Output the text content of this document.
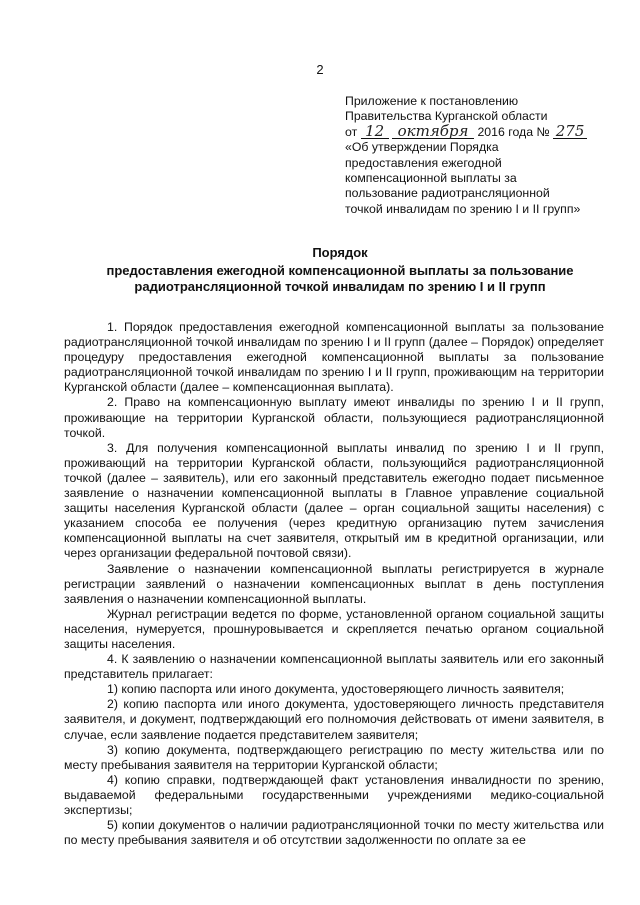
2
Приложение к постановлению
Правительства Курганской области
от 12 октября 2016 года № 275
«Об утверждении Порядка
предоставления ежегодной
компенсационной выплаты за
пользование радиотрансляционной
точкой инвалидам по зрению I и II групп»
Порядок
предоставления ежегодной компенсационной выплаты за пользование
радиотрансляционной точкой инвалидам по зрению I и II групп

1. Порядок предоставления ежегодной компенсационной выплаты за пользование радиотрансляционной точкой инвалидам по зрению I и II групп (далее – Порядок) определяет процедуру предоставления ежегодной компенсационной выплаты за пользование радиотрансляционной точкой инвалидам по зрению I и II групп, проживающим на территории Курганской области (далее – компенсационная выплата).

2. Право на компенсационную выплату имеют инвалиды по зрению I и II групп, проживающие на территории Курганской области, пользующиеся радиотрансляционной точкой.

3. Для получения компенсационной выплаты инвалид по зрению I и II групп, проживающий на территории Курганской области, пользующийся радиотрансляционной точкой (далее – заявитель), или его законный представитель ежегодно подает письменное заявление о назначении компенсационной выплаты в Главное управление социальной защиты населения Курганской области (далее – орган социальной защиты населения) с указанием способа ее получения (через кредитную организацию путем зачисления компенсационной выплаты на счет заявителя, открытый им в кредитной организации, или через организации федеральной почтовой связи).

Заявление о назначении компенсационной выплаты регистрируется в журнале регистрации заявлений о назначении компенсационных выплат в день поступления заявления о назначении компенсационной выплаты.

Журнал регистрации ведется по форме, установленной органом социальной защиты населения, нумеруется, прошнуровывается и скрепляется печатью органом социальной защиты населения.

4. К заявлению о назначении компенсационной выплаты заявитель или его законный представитель прилагает:

1) копию паспорта или иного документа, удостоверяющего личность заявителя;

2) копию паспорта или иного документа, удостоверяющего личность представителя заявителя, и документ, подтверждающий его полномочия действовать от имени заявителя, в случае, если заявление подается представителем заявителя;

3) копию документа, подтверждающего регистрацию по месту жительства или по месту пребывания заявителя на территории Курганской области;

4) копию справки, подтверждающей факт установления инвалидности по зрению, выдаваемой федеральными государственными учреждениями медико-социальной экспертизы;

5) копии документов о наличии радиотрансляционной точки по месту жительства или по месту пребывания заявителя и об отсутствии задолженности по оплате за ее
